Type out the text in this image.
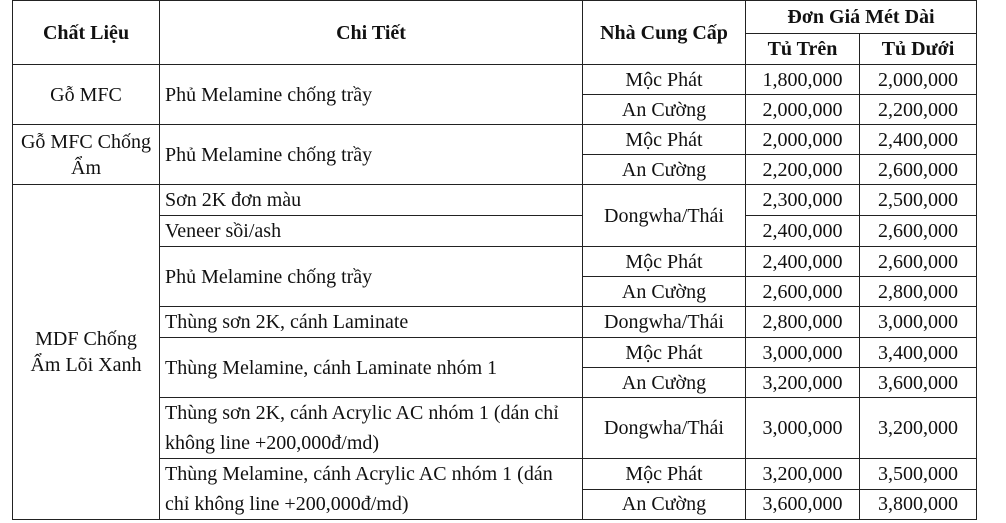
Chất Liệu	Chi Tiết	Nhà Cung Cấp	Đơn Giá Mét Dài	
			Tủ Trên	Tủ Dưới
Gỗ MFC	Phủ Melamine chống trầy	Mộc Phát	1,800,000	2,000,000
		An Cường	2,000,000	2,200,000
Gỗ MFC Chống Ẩm	Phủ Melamine chống trầy	Mộc Phát	2,000,000	2,400,000
		An Cường	2,200,000	2,600,000
MDF Chống Ẩm Lõi Xanh	Sơn 2K đơn màu	Dongwha/Thái	2,300,000	2,500,000
	Veneer sồi/ash		2,400,000	2,600,000
	Phủ Melamine chống trầy	Mộc Phát	2,400,000	2,600,000
		An Cường	2,600,000	2,800,000
	Thùng sơn 2K, cánh Laminate	Dongwha/Thái	2,800,000	3,000,000
	Thùng Melamine, cánh Laminate nhóm 1	Mộc Phát	3,000,000	3,400,000
		An Cường	3,200,000	3,600,000
	Thùng sơn 2K, cánh Acrylic AC nhóm 1 (dán chỉ không line +200,000đ/md)	Dongwha/Thái	3,000,000	3,200,000
	Thùng Melamine, cánh Acrylic AC nhóm 1 (dán chỉ không line +200,000đ/md)	Mộc Phát	3,200,000	3,500,000
		An Cường	3,600,000	3,800,000
